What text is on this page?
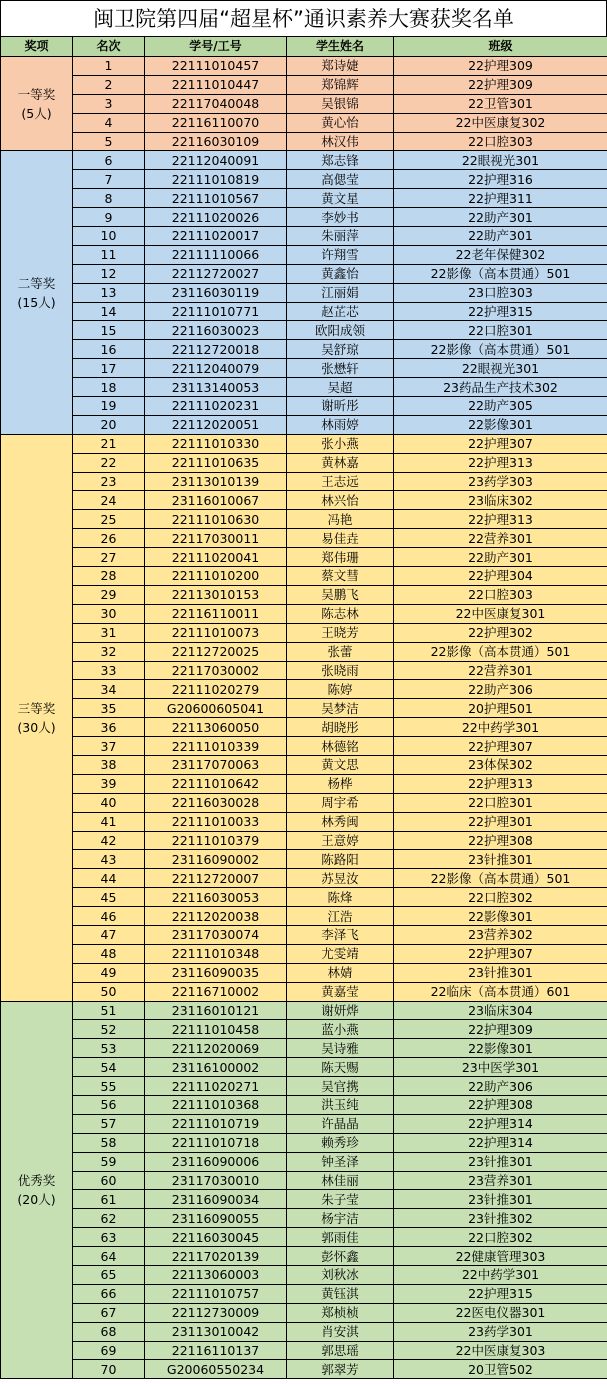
闽卫院第四届“超星杯”通识素养大赛获奖名单
奖项	名次	学号/工号	学生姓名	班级

一等奖
(5人)	1	22111010457	郑诗婕	22护理309
	2	22111010447	郑锦辉	22护理309
	3	22117040048	吴银锦	22卫管301
	4	22116110070	黄心怡	22中医康复302
	5	22116030109	林汉伟	22口腔303

二等奖
(15人)	6	22112040091	郑志锋	22眼视光301
	7	22111010819	高偲莹	22护理316
	8	22111010567	黄文星	22护理311
	9	22111020026	李妙书	22助产301
	10	22111020017	朱丽萍	22助产301
	11	22111110066	许翔雪	22老年保健302
	12	22112720027	黄鑫怡	22影像（高本贯通）501
	13	23116030119	江丽娟	23口腔303
	14	22111010771	赵芷芯	22护理315
	15	22116030023	欧阳成领	22口腔301
	16	22112720018	吴舒琼	22影像（高本贯通）501
	17	22112040079	张懋轩	22眼视光301
	18	23113140053	吴超	23药品生产技术302
	19	22111020231	谢昕彤	22助产305
	20	22112020051	林雨婷	22影像301

三等奖
(30人)	21	22111010330	张小燕	22护理307
	22	22111010635	黄林嘉	22护理313
	23	23113010139	王志远	23药学303
	24	23116010067	林兴怡	23临床302
	25	22111010630	冯艳	22护理313
	26	22117030011	易佳垚	22营养301
	27	22111020041	郑伟珊	22助产301
	28	22111010200	蔡文彗	22护理304
	29	22113010153	吴鹏飞	22口腔303
	30	22116110011	陈志林	22中医康复301
	31	22111010073	王晓芳	22护理302
	32	22112720025	张蕾	22影像（高本贯通）501
	33	22117030002	张晓雨	22营养301
	34	22111020279	陈婷	22助产306
	35	G20600605041	吴梦洁	20护理501
	36	22113060050	胡晓彤	22中药学301
	37	22111010339	林德铭	22护理307
	38	23117070063	黄文思	23体保302
	39	22111010642	杨桦	22护理313
	40	22116030028	周宇希	22口腔301
	41	22111010033	林秀闽	22护理301
	42	22111010379	王意婷	22护理308
	43	23116090002	陈路阳	23针推301
	44	22112720007	苏昱汝	22影像（高本贯通）501
	45	22116030053	陈烽	22口腔302
	46	22112020038	江浩	22影像301
	47	23117030074	李泽飞	23营养302
	48	22111010348	尤雯靖	22护理307
	49	23116090035	林婧	23针推301
	50	22116710002	黄嘉莹	22临床（高本贯通）601

优秀奖
(20人)	51	23116010121	谢妍烨	23临床304
	52	22111010458	蓝小燕	22护理309
	53	22112020069	吴诗雅	22影像301
	54	23116100002	陈天赐	23中医学301
	55	22111020271	吴官携	22助产306
	56	22111010368	洪玉纯	22护理308
	57	22111010719	许晶晶	22护理314
	58	22111010718	赖秀珍	22护理314
	59	23116090006	钟圣泽	23针推301
	60	23117030010	林佳丽	23营养301
	61	23116090034	朱子莹	23针推301
	62	23116090055	杨宇洁	23针推302
	63	22116030045	郭雨佳	22口腔302
	64	22117020139	彭怀鑫	22健康管理303
	65	22113060003	刘秋冰	22中药学301
	66	22111010757	黄钰淇	22护理315
	67	22112730009	郑桢桢	22医电仪器301
	68	23113010042	肖安淇	23药学301
	69	22116110137	郭思瑶	22中医康复303
	70	G20060550234	郭翠芳	20卫管502
